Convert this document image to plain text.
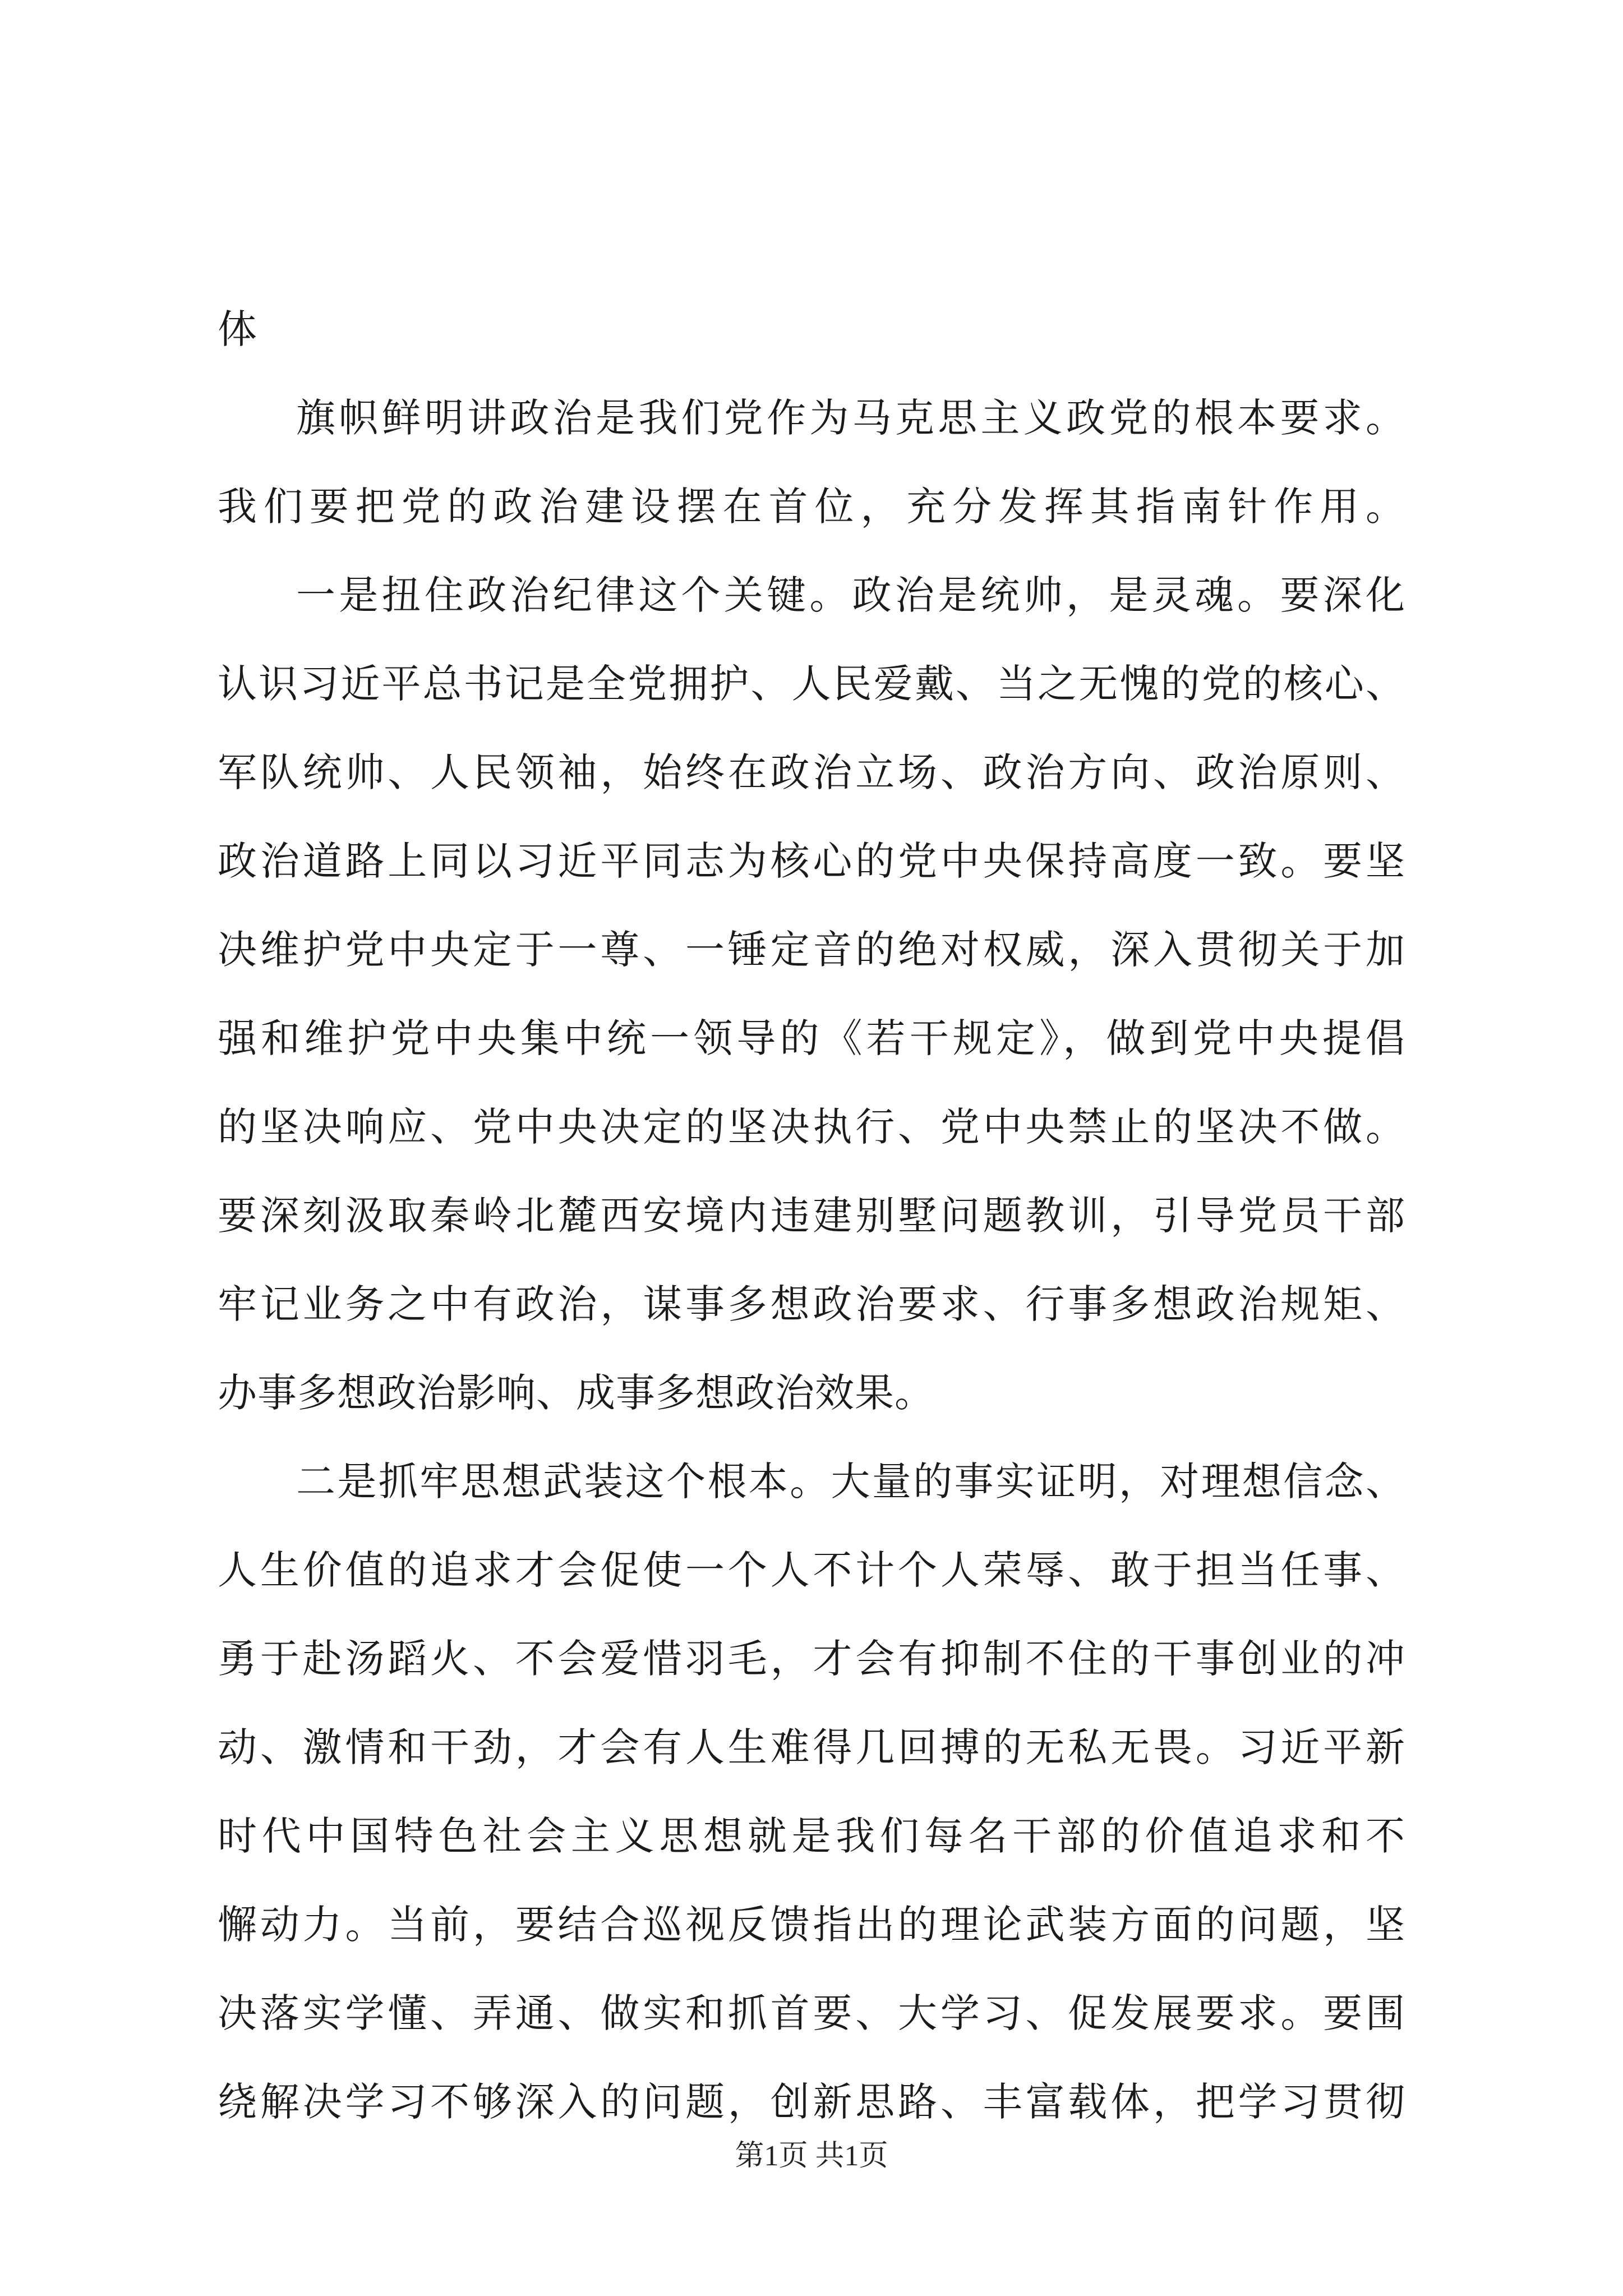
体
旗帜鲜明讲政治是我们党作为马克思主义政党的根本要求。
我们要把党的政治建设摆在首位，充分发挥其指南针作用。
一是扭住政治纪律这个关键。政治是统帅，是灵魂。要深化
认识习近平总书记是全党拥护、人民爱戴、当之无愧的党的核心、
军队统帅、人民领袖，始终在政治立场、政治方向、政治原则、
政治道路上同以习近平同志为核心的党中央保持高度一致。要坚
决维护党中央定于一尊、一锤定音的绝对权威，深入贯彻关于加
强和维护党中央集中统一领导的《若干规定》，做到党中央提倡
的坚决响应、党中央决定的坚决执行、党中央禁止的坚决不做。
要深刻汲取秦岭北麓西安境内违建别墅问题教训，引导党员干部
牢记业务之中有政治，谋事多想政治要求、行事多想政治规矩、
办事多想政治影响、成事多想政治效果。
二是抓牢思想武装这个根本。大量的事实证明，对理想信念、
人生价值的追求才会促使一个人不计个人荣辱、敢于担当任事、
勇于赴汤蹈火、不会爱惜羽毛，才会有抑制不住的干事创业的冲
动、激情和干劲，才会有人生难得几回搏的无私无畏。习近平新
时代中国特色社会主义思想就是我们每名干部的价值追求和不
懈动力。当前，要结合巡视反馈指出的理论武装方面的问题，坚
决落实学懂、弄通、做实和抓首要、大学习、促发展要求。要围
绕解决学习不够深入的问题，创新思路、丰富载体，把学习贯彻
第1页 共1页
